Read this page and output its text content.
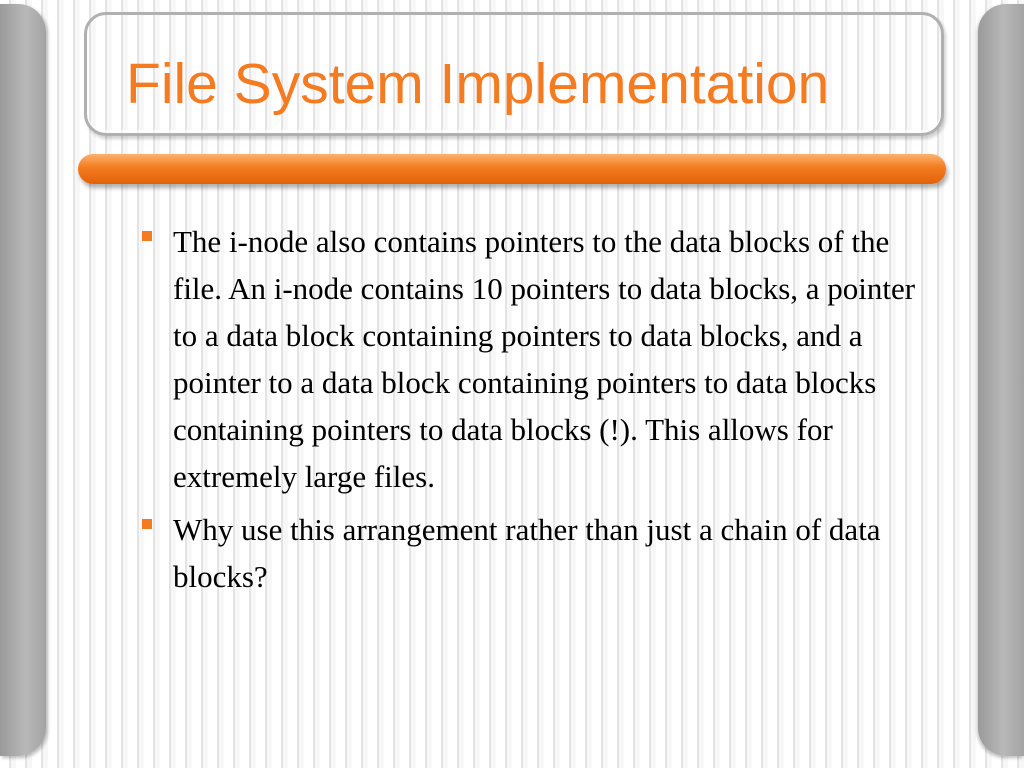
File System Implementation
The i-node also contains pointers to the data blocks of the file. An i-node contains 10 pointers to data blocks, a pointer to a data block containing pointers to data blocks, and a pointer to a data block containing pointers to data blocks containing pointers to data blocks (!). This allows for extremely large files.
Why use this arrangement rather than just a chain of data blocks?
